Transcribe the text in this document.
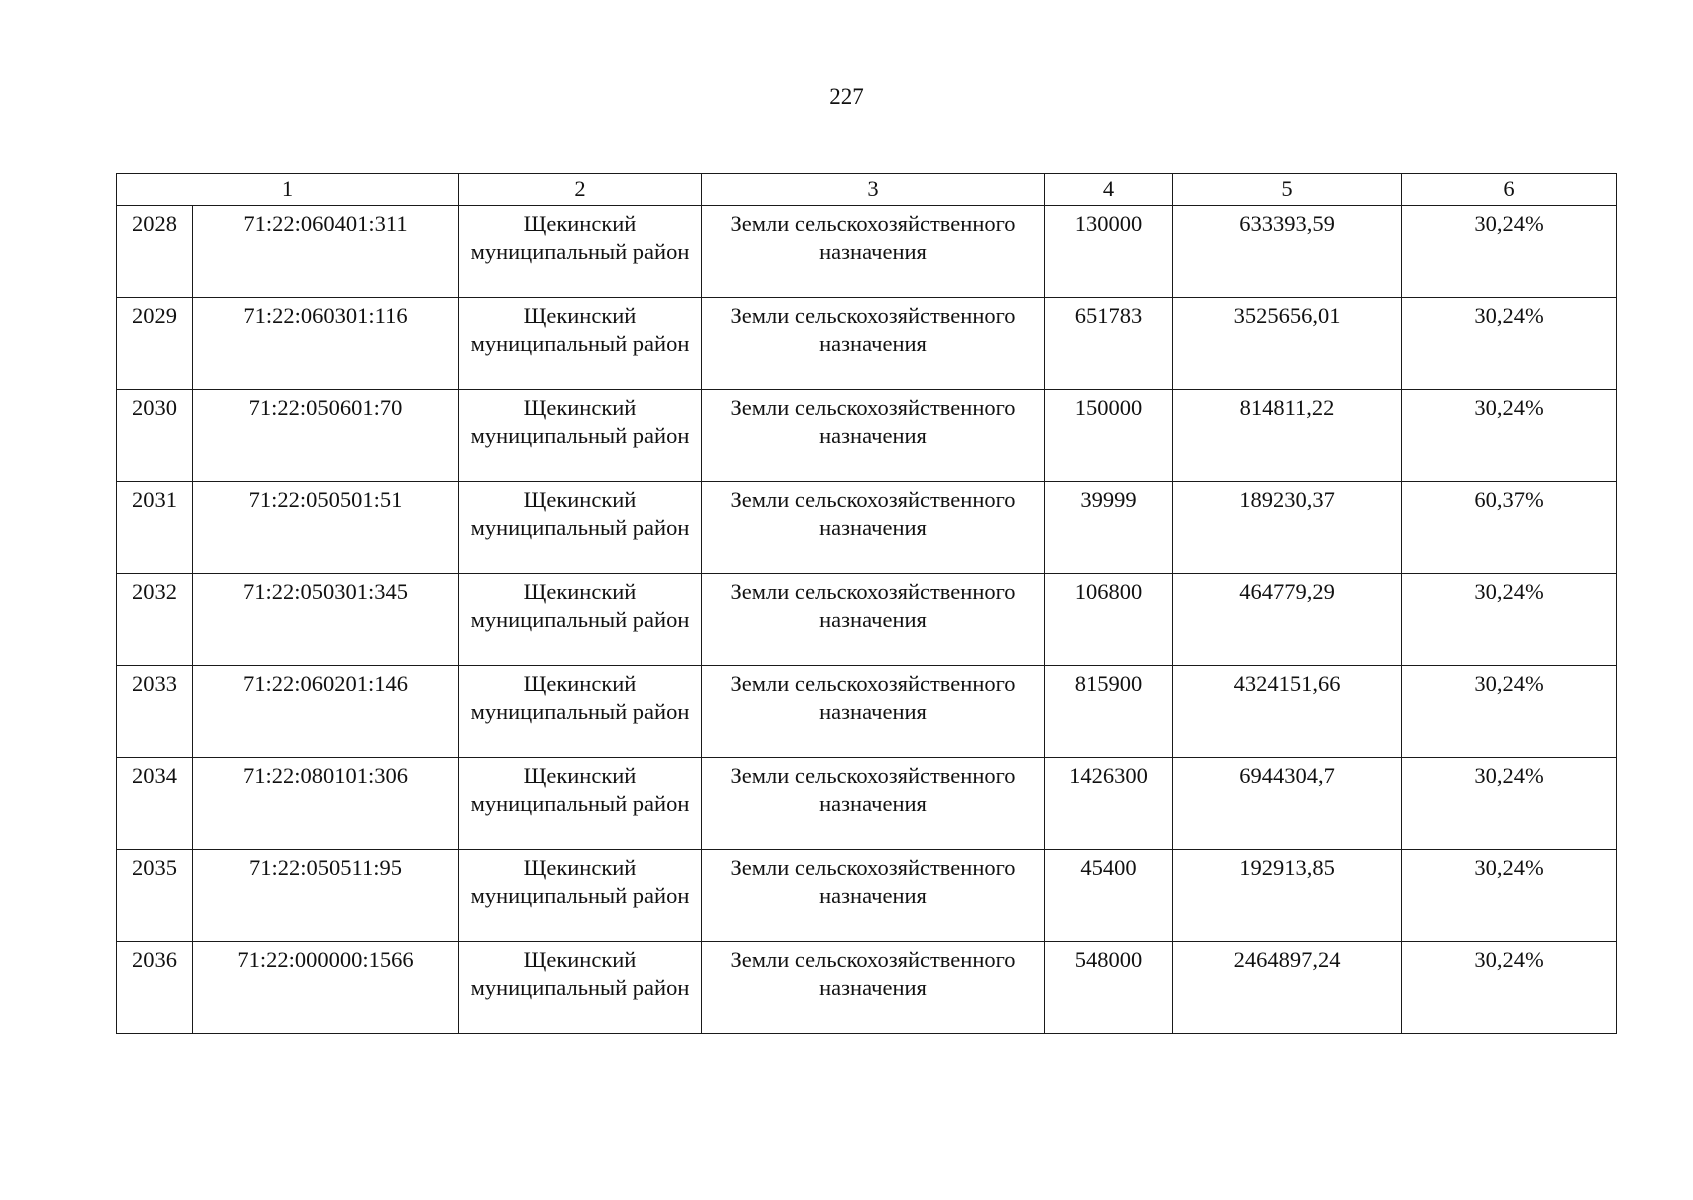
227
1		2	3	4	5	6
2028	71:22:060401:311	Щекинский муниципальный район	Земли сельскохозяйственного назначения	130000	633393,59	30,24%
2029	71:22:060301:116	Щекинский муниципальный район	Земли сельскохозяйственного назначения	651783	3525656,01	30,24%
2030	71:22:050601:70	Щекинский муниципальный район	Земли сельскохозяйственного назначения	150000	814811,22	30,24%
2031	71:22:050501:51	Щекинский муниципальный район	Земли сельскохозяйственного назначения	39999	189230,37	60,37%
2032	71:22:050301:345	Щекинский муниципальный район	Земли сельскохозяйственного назначения	106800	464779,29	30,24%
2033	71:22:060201:146	Щекинский муниципальный район	Земли сельскохозяйственного назначения	815900	4324151,66	30,24%
2034	71:22:080101:306	Щекинский муниципальный район	Земли сельскохозяйственного назначения	1426300	6944304,7	30,24%
2035	71:22:050511:95	Щекинский муниципальный район	Земли сельскохозяйственного назначения	45400	192913,85	30,24%
2036	71:22:000000:1566	Щекинский муниципальный район	Земли сельскохозяйственного назначения	548000	2464897,24	30,24%
